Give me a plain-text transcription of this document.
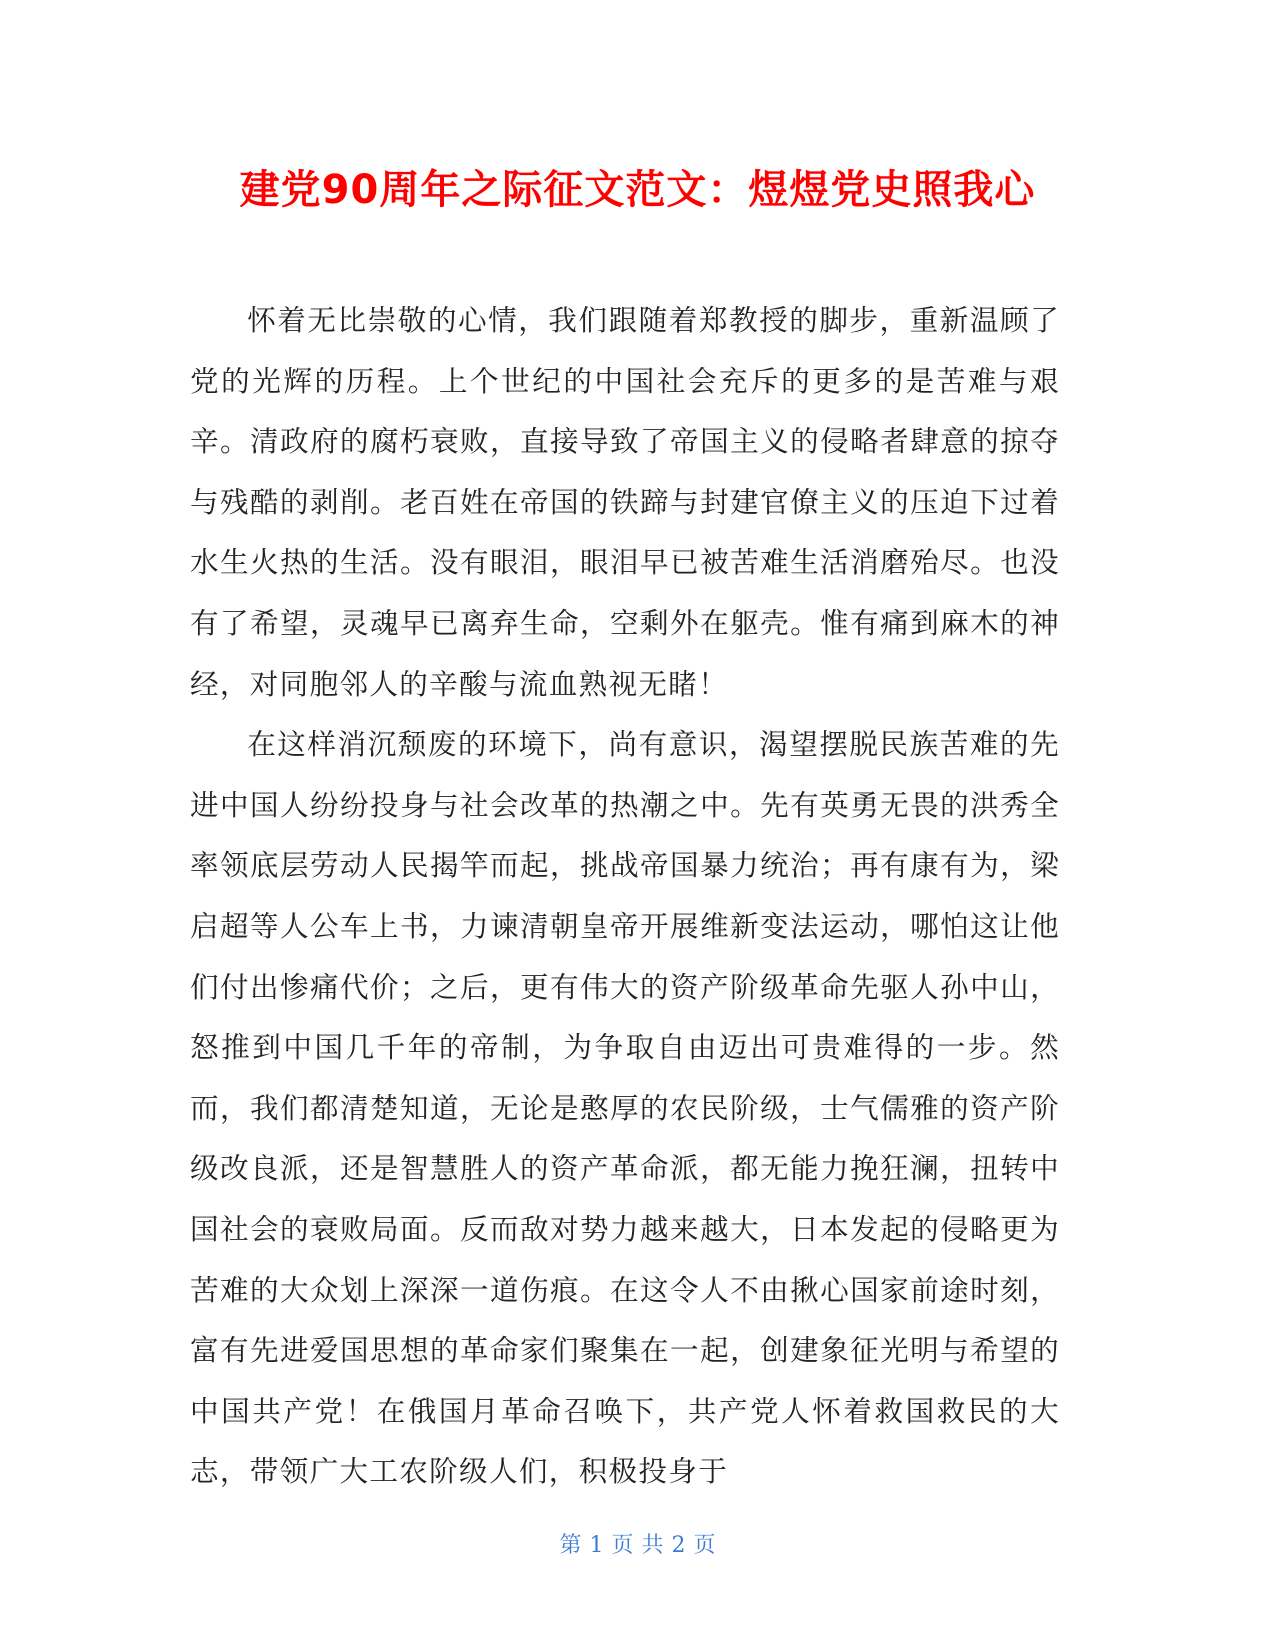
建党90周年之际征文范文：煜煜党史照我心

怀着无比崇敬的心情，我们跟随着郑教授的脚步，重新温顾了党的光辉的历程。上个世纪的中国社会充斥的更多的是苦难与艰辛。清政府的腐朽衰败，直接导致了帝国主义的侵略者肆意的掠夺与残酷的剥削。老百姓在帝国的铁蹄与封建官僚主义的压迫下过着水生火热的生活。没有眼泪，眼泪早已被苦难生活消磨殆尽。也没有了希望，灵魂早已离弃生命，空剩外在躯壳。惟有痛到麻木的神经，对同胞邻人的辛酸与流血熟视无睹！

在这样消沉颓废的环境下，尚有意识，渴望摆脱民族苦难的先进中国人纷纷投身与社会改革的热潮之中。先有英勇无畏的洪秀全率领底层劳动人民揭竿而起，挑战帝国暴力统治；再有康有为，梁启超等人公车上书，力谏清朝皇帝开展维新变法运动，哪怕这让他们付出惨痛代价；之后，更有伟大的资产阶级革命先驱人孙中山，怒推到中国几千年的帝制，为争取自由迈出可贵难得的一步。然而，我们都清楚知道，无论是憨厚的农民阶级，士气儒雅的资产阶级改良派，还是智慧胜人的资产革命派，都无能力挽狂澜，扭转中国社会的衰败局面。反而敌对势力越来越大，日本发起的侵略更为苦难的大众划上深深一道伤痕。在这令人不由揪心国家前途时刻，富有先进爱国思想的革命家们聚集在一起，创建象征光明与希望的中国共产党！在俄国月革命召唤下，共产党人怀着救国救民的大志，带领广大工农阶级人们，积极投身于

第 1 页 共 2 页
